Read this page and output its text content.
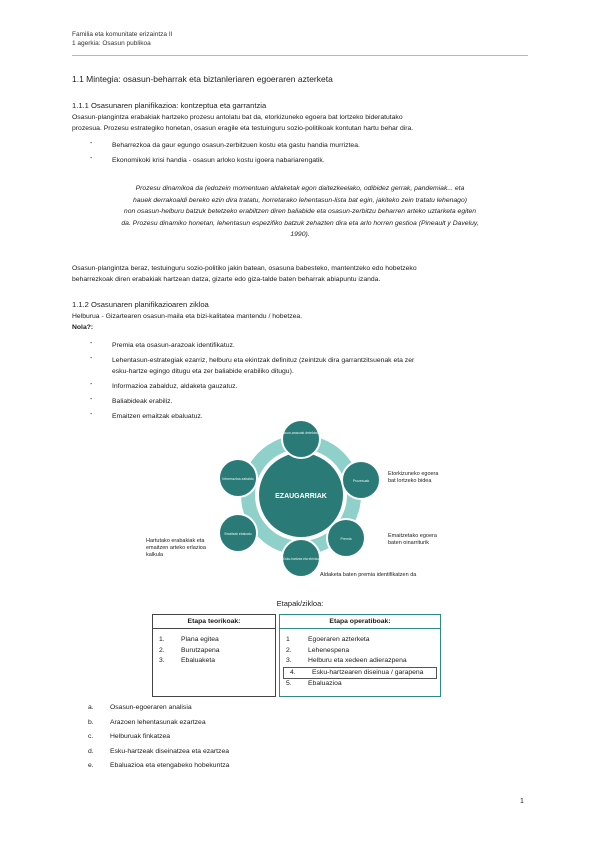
Familia eta komunitate erizaintza II
1 agerkia: Osasun publikoa
1.1 Mintegia: osasun-beharrak eta biztanleriaren egoeraren azterketa
1.1.1 Osasunaren planifikazioa: kontzeptua eta garrantzia
Osasun-plangintza erabakiak hartzeko prozesu antolatu bat da, etorkizuneko egoera bat lortzeko bideratutako
prozesua. Prozesu estrategiko honetan, osasun eragile eta testuinguru sozio-politikoak kontutan hartu behar dira.
-	Beharrezkoa da gaur egungo osasun-zerbitzuen kostu eta gastu handia murriztea.
-	Ekonomikoki krisi handia - osasun arloko kostu igoera nabariarengatik.
Prozesu dinamikoa da (edozein momentuan aldaketak egon daitezkeelako, odibidez gerrak, pandemiak... eta
hauek derrakoaldi bereko ezin dira tratatu, horretarako lehentasun-lista bat egin, jakiteko zein tratatu lehenago)
non osasun-helburu batzuk betetzeko erabiltzen diren baliabide eta osasun-zerbitzu beharren arteko uztarketa egiten
da. Prozesu dinamiko honetan, lehentasun espezifiko batzuk zehazten dira eta arlo horren gestioa (Pineault y Daveluy,
1990).
Osasun-plangintza beraz, testuinguru sozio-politiko jakin batean, osasuna babesteko, mantentzeko edo hobetzeko
beharrezkoak diren erabakiak hartzean datza, gizarte edo giza-talde baten beharrak abiapuntu izanda.
1.1.2 Osasunaren planifikazioaren zikloa
Helburua - Gizartearen osasun-maila eta bizi-kalitatea mantendu / hobetzea.
Nola?:
-	Premia eta osasun-arazoak identifikatuz.
-	Lehentasun-estrategiak ezarriz, helburu eta ekintzak definituz (zeintzuk dira garrantzitsuenak eta zer
esku-hartze egingo ditugu eta zer baliabide erabiliko ditugu).
-	Informazioa zabalduz, aldaketa gauzatuz.
-	Baliabideak erabiliz.
-	Emaitzen emaitzak ebaluatuz.
EZAUGARRIAK
Osasun-arazoak detektatzea
Prozesuak
Premia
Esku-hartzea eta ekintza
Emaitzak ebaluatu
Informazioa zabaldu
Etorkizuneko egoera
bat lortzeko bidea
Emaitzetako egoera
baten oinarriturik
Hartutako erabakiak eta
emaitzen arteko erlazioa
kalkula
Aldaketa baten premia identifikatzen da
Etapak/zikloa:
Etapa teorikoak:
1. Plana egitea
2. Burutzapena
3. Ebaluaketa
Etapa operatiboak:
1	Egoeraren azterketa
2. Lehenespena
3. Helburu eta xedeen adierazpena
4. Esku-hartzearen diseinua / garapena
5. Ebaluazioa
a. Osasun-egoeraren analisia
b. Arazoen lehentasunak ezartzea
c. Helburuak finkatzea
d. Esku-hartzeak diseinatzea eta ezartzea
e. Ebaluazioa eta etengabeko hobekuntza
1
